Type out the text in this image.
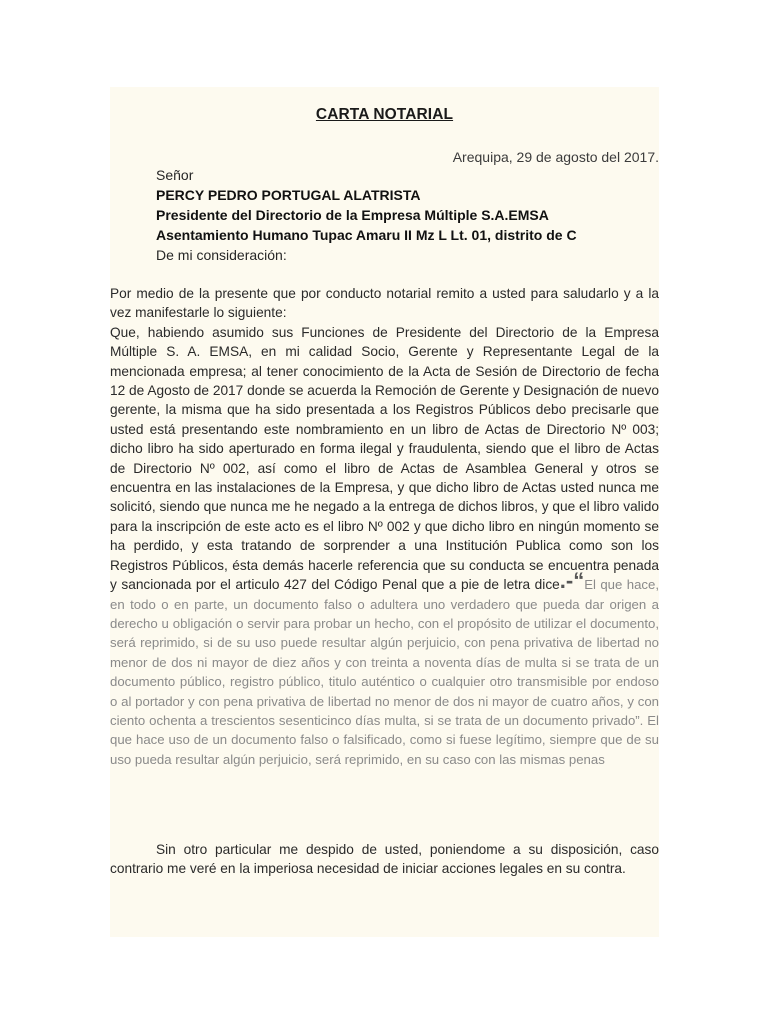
CARTA NOTARIAL
Arequipa, 29 de agosto del 2017.
Señor
PERCY PEDRO PORTUGAL ALATRISTA
Presidente del Directorio de la Empresa Múltiple S.A.EMSA
Asentamiento Humano Tupac Amaru II Mz L Lt. 01, distrito de C
De mi consideración:

Por medio de la presente que por conducto notarial remito a usted para saludarlo y a la vez manifestarle lo siguiente:

Que, habiendo asumido sus Funciones de Presidente del Directorio de la Empresa Múltiple S. A. EMSA, en mi calidad Socio, Gerente y Representante Legal de la mencionada empresa; al tener conocimiento de la Acta de Sesión de Directorio de fecha 12 de Agosto de 2017 donde se acuerda la Remoción de Gerente y Designación de nuevo gerente, la misma que ha sido presentada a los Registros Públicos debo precisarle que usted está presentando este nombramiento en un libro de Actas de Directorio Nº 003; dicho libro ha sido aperturado en forma ilegal y fraudulenta, siendo que el libro de Actas de Directorio Nº 002, así como el libro de Actas de Asamblea General y otros se encuentra en las instalaciones de la Empresa, y que dicho libro de Actas usted nunca me solicitó, siendo que nunca me he negado a la entrega de dichos libros, y que el libro valido para la inscripción de este acto es el libro Nº 002 y que dicho libro en ningún momento se ha perdido, y esta tratando de sorprender a una Institución Publica como son los Registros Públicos, ésta demás hacerle referencia que su conducta se encuentra penada y sancionada por el articulo 427 del Código Penal que a pie de letra dice.-“El que hace, en todo o en parte, un documento falso o adultera uno verdadero que pueda dar origen a derecho u obligación o servir para probar un hecho, con el propósito de utilizar el documento, será reprimido, si de su uso puede resultar algún perjuicio, con pena privativa de libertad no menor de dos ni mayor de diez años y con treinta a noventa días de multa si se trata de un documento público, registro público, titulo auténtico o cualquier otro transmisible por endoso o al portador y con pena privativa de libertad no menor de dos ni mayor de cuatro años, y con ciento ochenta a trescientos sesenticinco días multa, si se trata de un documento privado”. El que hace uso de un documento falso o falsificado, como si fuese legítimo, siempre que de su uso pueda resultar algún perjuicio, será reprimido, en su caso con las mismas penas

Sin otro particular me despido de usted, poniendome a su disposición, caso contrario me veré en la imperiosa necesidad de iniciar acciones legales en su contra.
